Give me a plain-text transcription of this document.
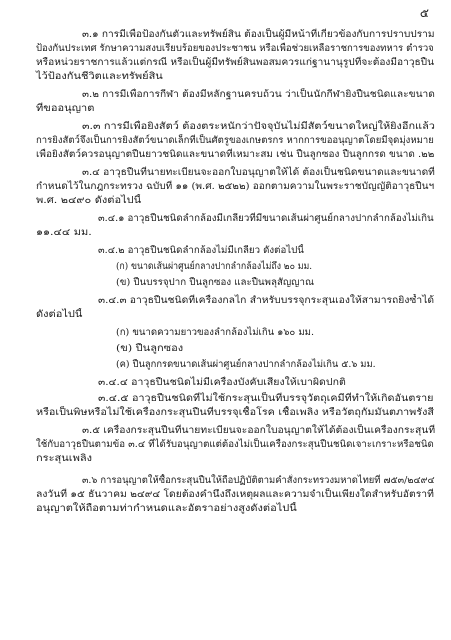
๕
๓.๑ การมีเพื่อป้องกันตัวและทรัพย์สิน ต้องเป็นผู้มีหน้าที่เกี่ยวข้องกับการปราบปราม
ป้องกันประเทศ รักษาความสงบเรียบร้อยของประชาชน หรือเพื่อช่วยเหลือราชการของทหาร ตำรวจ
หรือหน่วยราชการแล้วแต่กรณี หรือเป็นผู้มีทรัพย์สินพอสมควรแก่ฐานานุรูปที่จะต้องมีอาวุธปืน
ไว้ป้องกันชีวิตและทรัพย์สิน
๓.๒ การมีเพื่อการกีฬา ต้องมีหลักฐานครบถ้วน ว่าเป็นนักกีฬายิงปืนชนิดและขนาด
ที่ขออนุญาต
๓.๓ การมีเพื่อยิงสัตว์ ต้องตระหนักว่าปัจจุบันไม่มีสัตว์ขนาดใหญ่ให้ยิงอีกแล้ว
การยิงสัตว์จึงเป็นการยิงสัตว์ขนาดเล็กที่เป็นศัตรูของเกษตรกร หากการขออนุญาตโดยมีจุดมุ่งหมาย
เพื่อยิงสัตว์ควรอนุญาตปืนยาวชนิดและขนาดที่เหมาะสม เช่น ปืนลูกซอง ปืนลูกกรด ขนาด .๒๒
๓.๔ อาวุธปืนที่นายทะเบียนจะออกใบอนุญาตให้ได้ ต้องเป็นชนิดขนาดและขนาดที่
กำหนดไว้ในกฎกระทรวง ฉบับที่ ๑๑ (พ.ศ. ๒๕๒๒) ออกตามความในพระราชบัญญัติอาวุธปืนฯ
พ.ศ. ๒๔๙๐ ดังต่อไปนี้
๓.๔.๑ อาวุธปืนชนิดลำกล้องมีเกลียวที่มีขนาดเส้นผ่าศูนย์กลางปากลำกล้องไม่เกิน
๑๑.๔๔ มม.
๓.๔.๒ อาวุธปืนชนิดลำกล้องไม่มีเกลียว ดังต่อไปนี้
(ก) ขนาดเส้นผ่าศูนย์กลางปากลำกล้องไม่ถึง ๒๐ มม.
(ข) ปืนบรรจุปาก ปืนลูกซอง และปืนพลุสัญญาณ
๓.๔.๓ อาวุธปืนชนิดที่เครื่องกลไก สำหรับบรรจุกระสุนเองให้สามารถยิงซ้ำได้
ดังต่อไปนี้
(ก) ขนาดความยาวของลำกล้องไม่เกิน ๑๖๐ มม.
(ข) ปืนลูกซอง
(ค) ปืนลูกกรดขนาดเส้นผ่าศูนย์กลางปากลำกล้องไม่เกิน ๕.๖ มม.
๓.๔.๔ อาวุธปืนชนิดไม่มีเครื่องบังคับเสียงให้เบาผิดปกติ
๓.๔.๕ อาวุธปืนชนิดที่ไม่ใช้กระสุนเป็นที่บรรจุวัตถุเคมีที่ทำให้เกิดอันตราย
หรือเป็นพิษหรือไม่ใช้เครื่องกระสุนปืนที่บรรจุเชื้อโรค เชื้อเพลิง หรือวัตถุกัมมันตภาพรังสี
๓.๕ เครื่องกระสุนปืนที่นายทะเบียนจะออกใบอนุญาตให้ได้ต้องเป็นเครื่องกระสุนที่
ใช้กับอาวุธปืนตามข้อ ๓.๔ ที่ได้รับอนุญาตแต่ต้องไม่เป็นเครื่องกระสุนปืนชนิดเจาะเกราะหรือชนิด
กระสุนเพลิง
๓.๖ การอนุญาตให้ซื้อกระสุนปืนให้ถือปฏิบัติตามคำสั่งกระทรวงมหาดไทยที่ ๗๕๓/๒๔๙๔
ลงวันที่ ๑๕ ธันวาคม ๒๔๙๔ โดยต้องคำนึงถึงเหตุผลและความจำเป็นเพียงใดสำหรับอัตราที่
อนุญาตให้ถือตามท่ากำหนดและอัตราอย่างสูงดังต่อไปนี้
